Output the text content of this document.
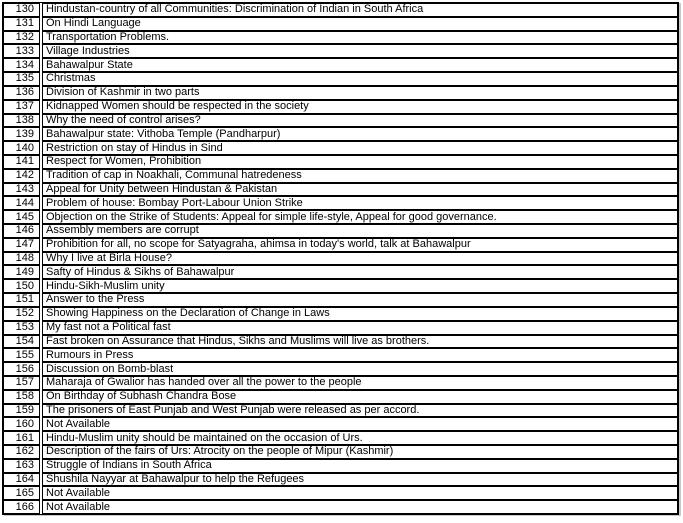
130	Hindustan-country of all Communities: Discrimination of Indian in South Africa
131	On Hindi Language
132	Transportation Problems.
133	Village Industries
134	Bahawalpur State
135	Christmas
136	Division of Kashmir in two parts
137	Kidnapped Women should be respected in the society
138	Why the need of control arises?
139	Bahawalpur state: Vithoba Temple (Pandharpur)
140	Restriction on stay of Hindus in Sind
141	Respect for Women, Prohibition
142	Tradition of cap in Noakhali, Communal hatredeness
143	Appeal for Unity between Hindustan & Pakistan
144	Problem of house: Bombay Port-Labour Union Strike
145	Objection on the Strike of Students: Appeal for simple life-style, Appeal for good governance.
146	Assembly members are corrupt
147	Prohibition for all, no scope for Satyagraha, ahimsa in today's world, talk at Bahawalpur
148	Why I live at Birla House?
149	Safty of Hindus & Sikhs of Bahawalpur
150	Hindu-Sikh-Muslim unity
151	Answer to the Press
152	Showing Happiness on the Declaration of Change in Laws
153	My fast not a Political fast
154	Fast broken on Assurance that Hindus, Sikhs and Muslims will live as brothers.
155	Rumours in Press
156	Discussion on Bomb-blast
157	Maharaja of Gwalior has handed over all the power to the people
158	On Birthday of Subhash Chandra Bose
159	The prisoners of East Punjab and West Punjab were released as per accord.
160	Not Available
161	Hindu-Muslim unity should be maintained on the occasion of Urs.
162	Description of the fairs of Urs: Atrocity on the people of Mipur (Kashmir)
163	Struggle of Indians in South Africa
164	Shushila Nayyar at Bahawalpur to help the Refugees
165	Not Available
166	Not Available
